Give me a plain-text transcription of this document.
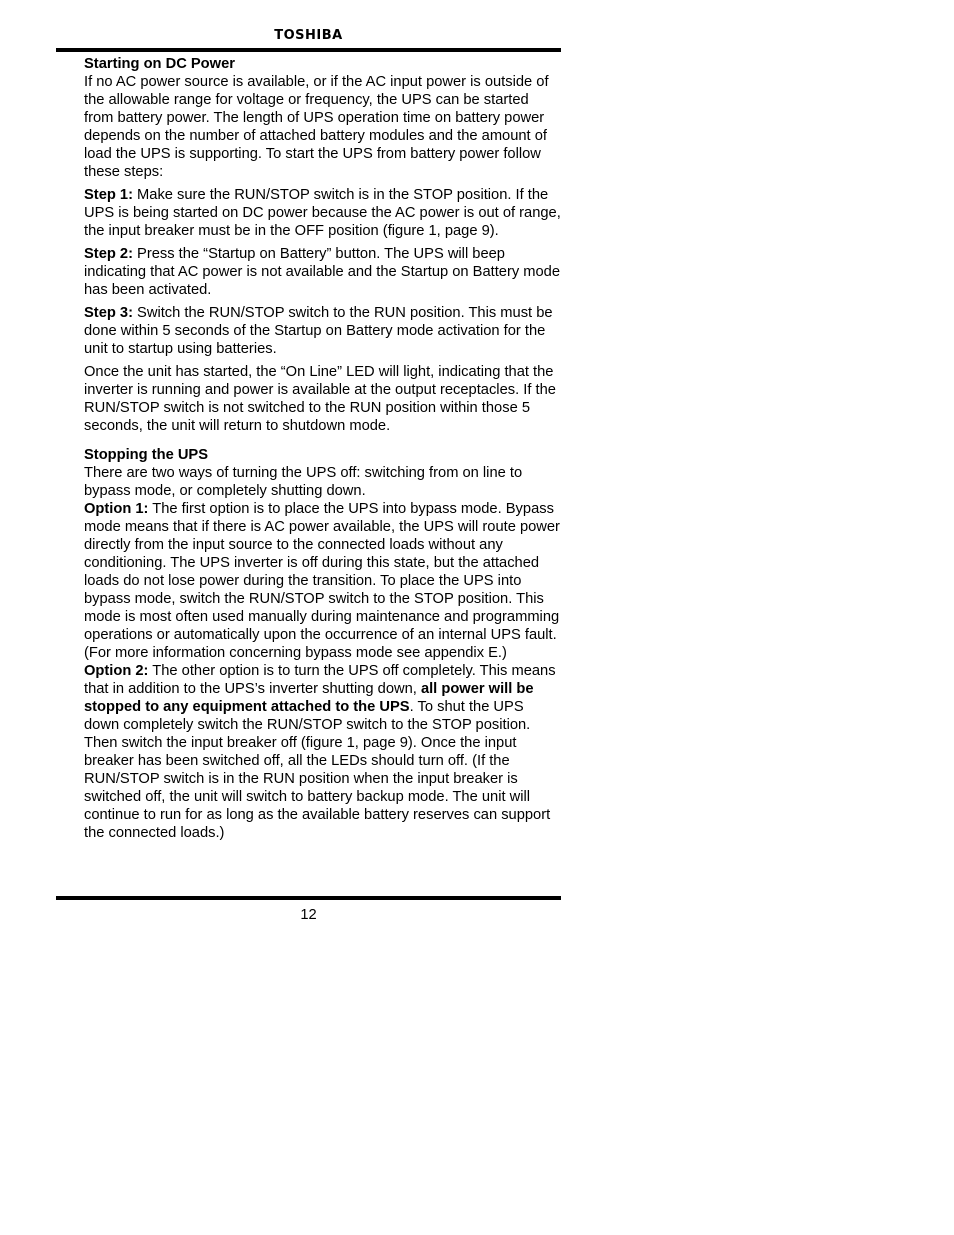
TOSHIBA

Starting on DC Power

If no AC power source is available, or if the AC input power is outside of the allowable range for voltage or frequency, the UPS can be started from battery power. The length of UPS operation time on battery power depends on the number of attached battery modules and the amount of load the UPS is supporting. To start the UPS from battery power follow these steps:

Step 1: Make sure the RUN/STOP switch is in the STOP position. If the UPS is being started on DC power because the AC power is out of range, the input breaker must be in the OFF position (figure 1, page 9).

Step 2: Press the “Startup on Battery” button. The UPS will beep indicating that AC power is not available and the Startup on Battery mode has been activated.

Step 3: Switch the RUN/STOP switch to the RUN position. This must be done within 5 seconds of the Startup on Battery mode activation for the unit to startup using batteries.

Once the unit has started, the “On Line” LED will light, indicating that the inverter is running and power is available at the output receptacles. If the RUN/STOP switch is not switched to the RUN position within those 5 seconds, the unit will return to shutdown mode.

Stopping the UPS

There are two ways of turning the UPS off: switching from on line to bypass mode, or completely shutting down.

Option 1: The first option is to place the UPS into bypass mode. Bypass mode means that if there is AC power available, the UPS will route power directly from the input source to the connected loads without any conditioning. The UPS inverter is off during this state, but the attached loads do not lose power during the transition. To place the UPS into bypass mode, switch the RUN/STOP switch to the STOP position. This mode is most often used manually during maintenance and programming operations or automatically upon the occurrence of an internal UPS fault. (For more information concerning bypass mode see appendix E.)

Option 2: The other option is to turn the UPS off completely. This means that in addition to the UPS’s inverter shutting down, all power will be stopped to any equipment attached to the UPS. To shut the UPS down completely switch the RUN/STOP switch to the STOP position. Then switch the input breaker off (figure 1, page 9). Once the input breaker has been switched off, all the LEDs should turn off. (If the RUN/STOP switch is in the RUN position when the input breaker is switched off, the unit will switch to battery backup mode. The unit will continue to run for as long as the available battery reserves can support the connected loads.)

12
